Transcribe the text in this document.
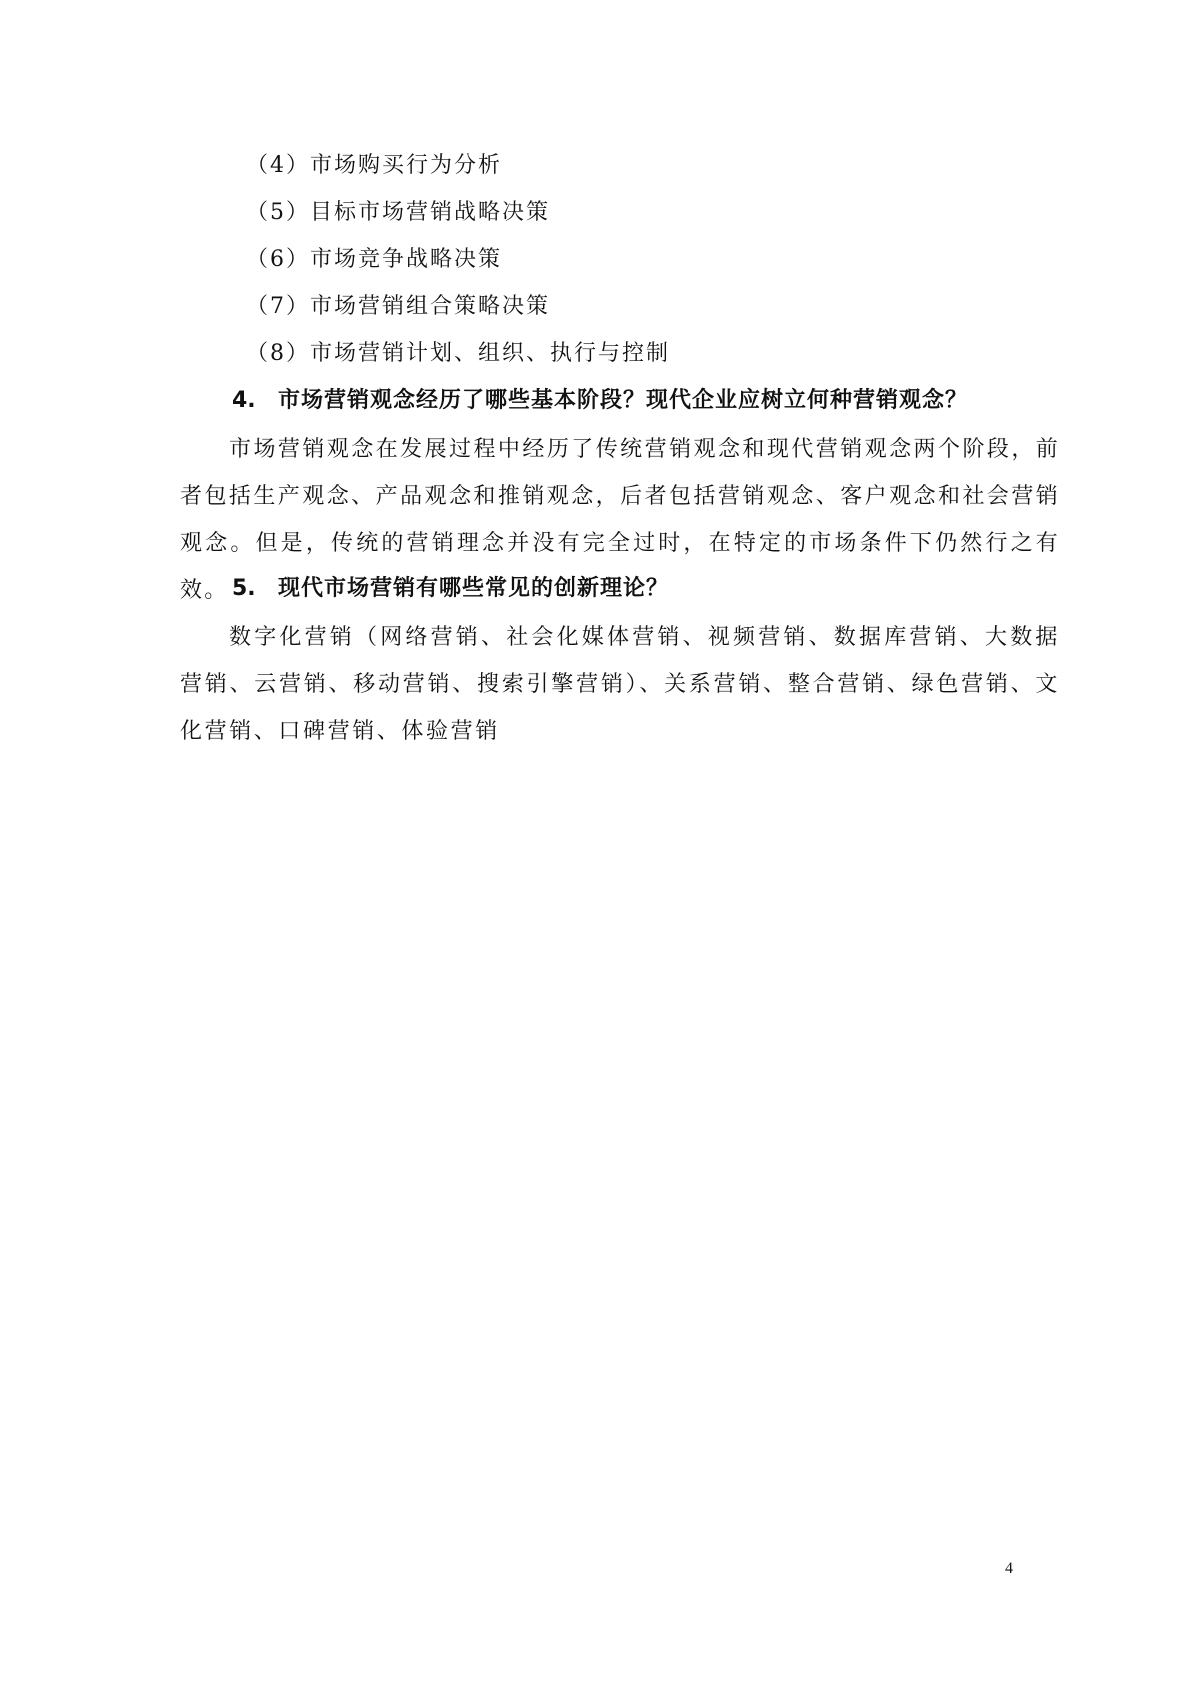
（4）市场购买行为分析
（5）目标市场营销战略决策
（6）市场竞争战略决策
（7）市场营销组合策略决策
（8）市场营销计划、组织、执行与控制
4. 市场营销观念经历了哪些基本阶段？现代企业应树立何种营销观念？
市场营销观念在发展过程中经历了传统营销观念和现代营销观念两个阶段，前者包括生产观念、产品观念和推销观念，后者包括营销观念、客户观念和社会营销观念。但是，传统的营销理念并没有完全过时，在特定的市场条件下仍然行之有效。 5. 现代市场营销有哪些常见的创新理论？
数字化营销（网络营销、社会化媒体营销、视频营销、数据库营销、大数据营销、云营销、移动营销、搜索引擎营销）、关系营销、整合营销、绿色营销、文化营销、口碑营销、体验营销
4
